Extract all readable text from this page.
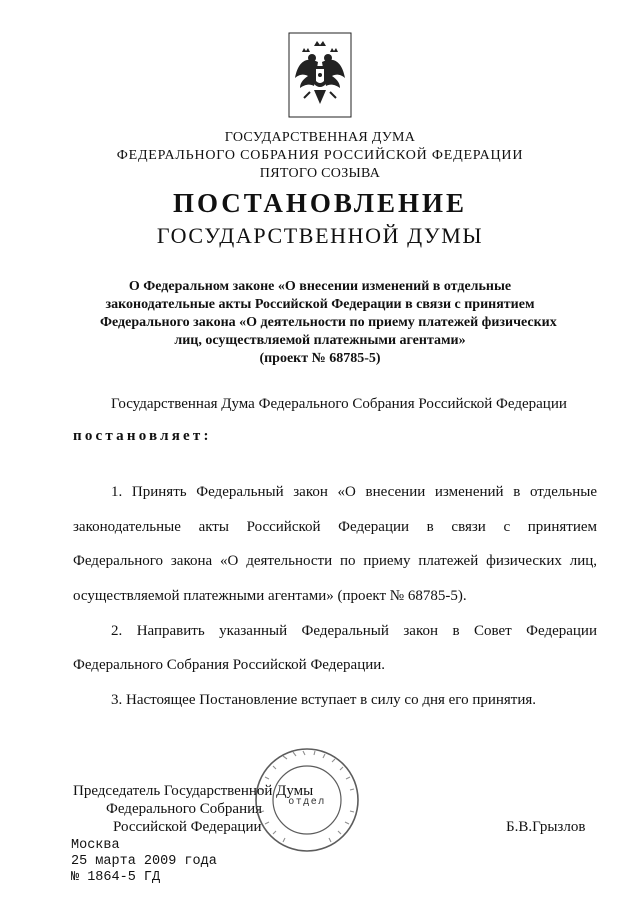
ГОСУДАРСТВЕННАЯ ДУМА
ФЕДЕРАЛЬНОГО СОБРАНИЯ РОССИЙСКОЙ ФЕДЕРАЦИИ
ПЯТОГО СОЗЫВА
ПОСТАНОВЛЕНИЕ
ГОСУДАРСТВЕННОЙ ДУМЫ
О Федеральном законе «О внесении изменений в отдельные
законодательные акты Российской Федерации в связи с принятием
Федерального закона «О деятельности по приему платежей физических
лиц, осуществляемой платежными агентами»
(проект № 68785-5)
Государственная Дума Федерального Собрания Российской Федерации
постановляет:
1. Принять Федеральный закон «О внесении изменений в отдельные
законодательные акты Российской Федерации в связи с принятием
Федерального закона «О деятельности по приему платежей физических лиц,
осуществляемой платежными агентами» (проект № 68785-5).
2. Направить указанный Федеральный закон в Совет Федерации
Федерального Собрания Российской Федерации.
3. Настоящее Постановление вступает в силу со дня его принятия.
Председатель Государственной Думы
Федерального Собрания
Российской Федерации	Б.В.Грызлов
отдел
Москва
25 марта 2009 года
№ 1864-5 ГД
